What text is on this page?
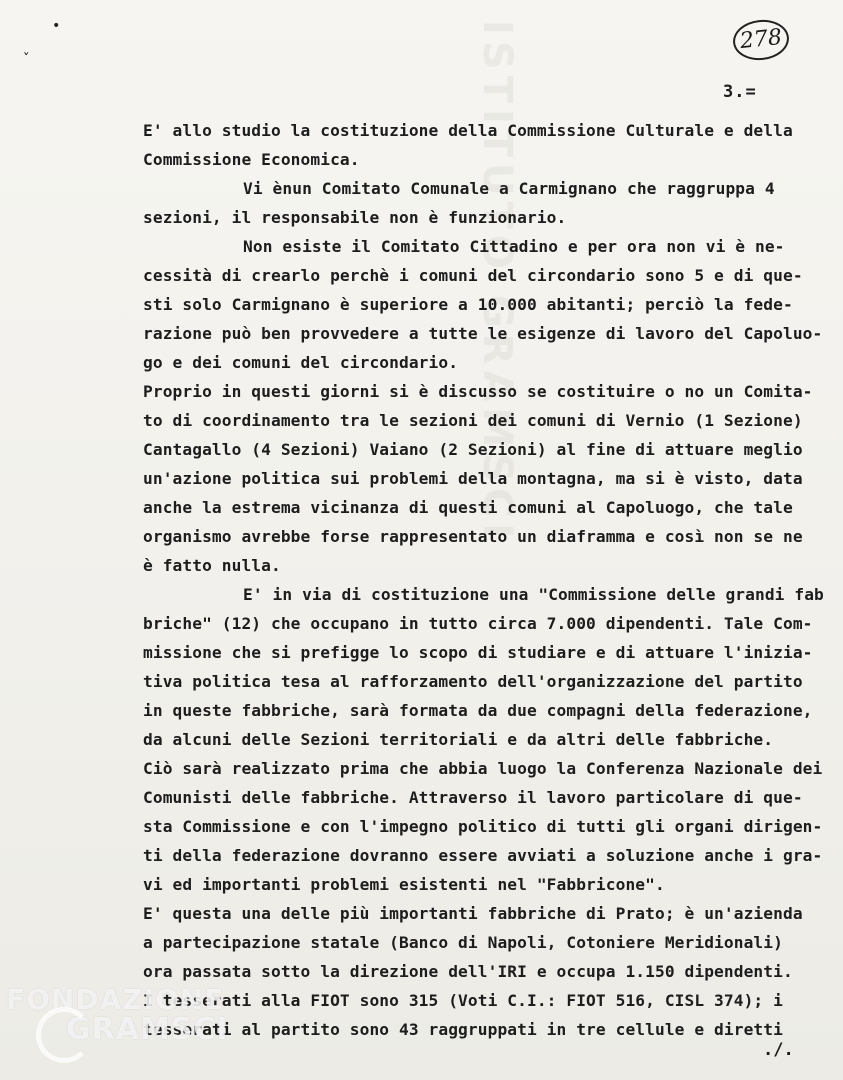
ISTITUTO GRAMSCI
•
ˇ
278
3.=
E' allo studio la costituzione della Commissione Culturale e della
Commissione Economica.
Vi ènun Comitato Comunale a Carmignano che raggruppa 4
sezioni, il responsabile non è funzionario.
Non esiste il Comitato Cittadino e per ora non vi è ne-
cessità di crearlo perchè i comuni del circondario sono 5 e di que-
sti solo Carmignano è superiore a 10.000 abitanti; perciò la fede-
razione può ben provvedere a tutte le esigenze di lavoro del Capoluo-
go e dei comuni del circondario.
Proprio in questi giorni si è discusso se costituire o no un Comita-
to di coordinamento tra le sezioni dei comuni di Vernio (1 Sezione)
Cantagallo (4 Sezioni) Vaiano (2 Sezioni) al fine di attuare meglio
un'azione politica sui problemi della montagna, ma si è visto, data
anche la estrema vicinanza di questi comuni al Capoluogo, che tale
organismo avrebbe forse rappresentato un diaframma e così non se ne
è fatto nulla.
E' in via di costituzione una "Commissione delle grandi fab
briche" (12) che occupano in tutto circa 7.000 dipendenti. Tale Com-
missione che si prefigge lo scopo di studiare e di attuare l'inizia-
tiva politica tesa al rafforzamento dell'organizzazione del partito
in queste fabbriche, sarà formata da due compagni della federazione,
da alcuni delle Sezioni territoriali e da altri delle fabbriche.
Ciò sarà realizzato prima che abbia luogo la Conferenza Nazionale dei
Comunisti delle fabbriche. Attraverso il lavoro particolare di que-
sta Commissione e con l'impegno politico di tutti gli organi dirigen-
ti della federazione dovranno essere avviati a soluzione anche i gra-
vi ed importanti problemi esistenti nel "Fabbricone".
E' questa una delle più importanti fabbriche di Prato; è un'azienda
a partecipazione statale (Banco di Napoli, Cotoniere Meridionali)
ora passata sotto la direzione dell'IRI e occupa 1.150 dipendenti.
I tesserati alla FIOT sono 315 (Voti C.I.: FIOT 516, CISL 374); i
tesserati al partito sono 43 raggruppati in tre cellule e diretti
./.
FONDAZIONE
GRAMSCI
